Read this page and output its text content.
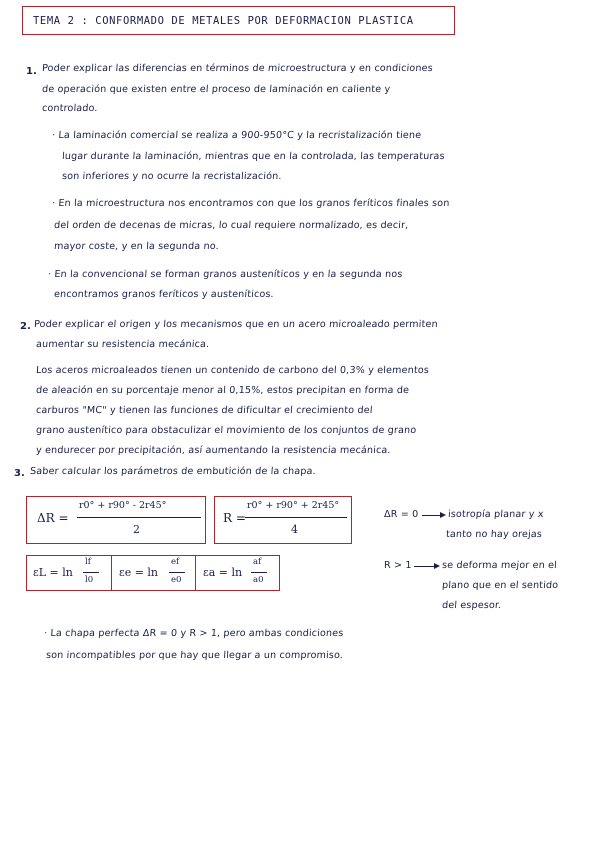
TEMA 2 : CONFORMADO DE METALES POR DEFORMACION PLASTICA
1. Poder explicar las diferencias en términos de microestructura y en condiciones
de operación que existen entre el proceso de laminación en caliente y
controlado.
· La laminación comercial se realiza a 900-950°C y la recristalización tiene
lugar durante la laminación, mientras que en la controlada, las temperaturas
son inferiores y no ocurre la recristalización.
· En la microestructura nos encontramos con que los granos feríticos finales son
del orden de decenas de micras, lo cual requiere normalizado, es decir,
mayor coste, y en la segunda no.
· En la convencional se forman granos austeníticos y en la segunda nos
encontramos granos feríticos y austeníticos.
2. Poder explicar el origen y los mecanismos que en un acero microaleado permiten
aumentar su resistencia mecánica.
Los aceros microaleados tienen un contenido de carbono del 0,3% y elementos
de aleación en su porcentaje menor al 0,15%, estos precipitan en forma de
carburos "MC" y tienen las funciones de dificultar el crecimiento del
grano austenítico para obstaculizar el movimiento de los conjuntos de grano
y endurecer por precipitación, así aumentando la resistencia mecánica.
3. Saber calcular los parámetros de embutición de la chapa.
ΔR =
r0° + r90° - 2r45°
2
R =
r0° + r90° + 2r45°
4
ΔR = 0	isotropía planar y x
tanto no hay orejas
εL = ln
lf
l0
εe = ln
ef
e0
εa = ln
af
a0
R > 1	se deforma mejor en el
plano que en el sentido
del espesor.
· La chapa perfecta ΔR = 0 y R > 1, pero ambas condiciones
son incompatibles por que hay que llegar a un compromiso.
